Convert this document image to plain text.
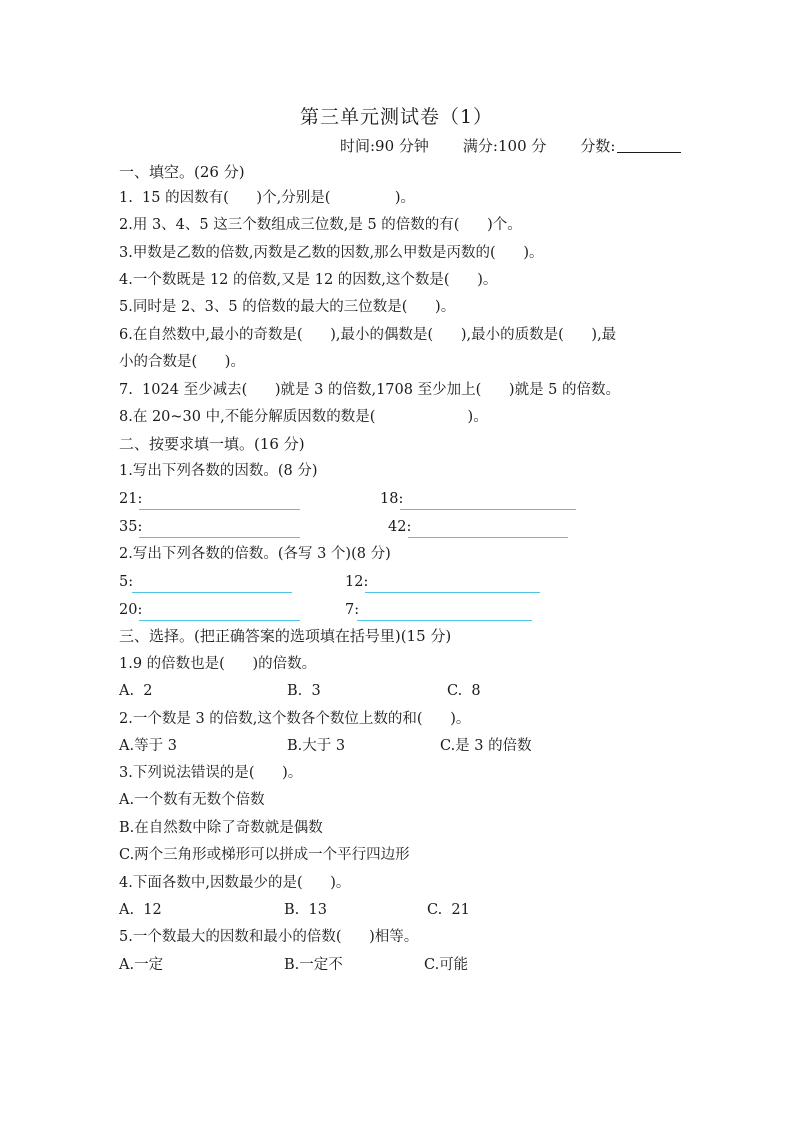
第三单元测试卷（1）
时间:90 分钟 满分:100 分 分数:
一、填空。(26 分)
1.  15 的因数有(      )个,分别是(              )。
2.用 3、4、5 这三个数组成三位数,是 5 的倍数的有(      )个。
3.甲数是乙数的倍数,丙数是乙数的因数,那么甲数是丙数的(      )。
4.一个数既是 12 的倍数,又是 12 的因数,这个数是(      )。
5.同时是 2、3、5 的倍数的最大的三位数是(      )。
6.在自然数中,最小的奇数是(      ),最小的偶数是(      ),最小的质数是(      ),最
小的合数是(      )。
7.  1024 至少减去(      )就是 3 的倍数,1708 至少加上(      )就是 5 的倍数。
8.在 20~30 中,不能分解质因数的数是(                    )。
二、按要求填一填。(16 分)
1.写出下列各数的因数。(8 分)
21:	18:
35:	42:
2.写出下列各数的倍数。(各写 3 个)(8 分)
5:	12:
20:	7:
三、选择。(把正确答案的选项填在括号里)(15 分)
1.9 的倍数也是(      )的倍数。
A.  2	B.  3	C.  8
2.一个数是 3 的倍数,这个数各个数位上数的和(      )。
A.等于 3	B.大于 3	C.是 3 的倍数
3.下列说法错误的是(      )。
A.一个数有无数个倍数
B.在自然数中除了奇数就是偶数
C.两个三角形或梯形可以拼成一个平行四边形
4.下面各数中,因数最少的是(      )。
A.  12	B.  13	C.  21
5.一个数最大的因数和最小的倍数(      )相等。
A.一定	B.一定不	C.可能
